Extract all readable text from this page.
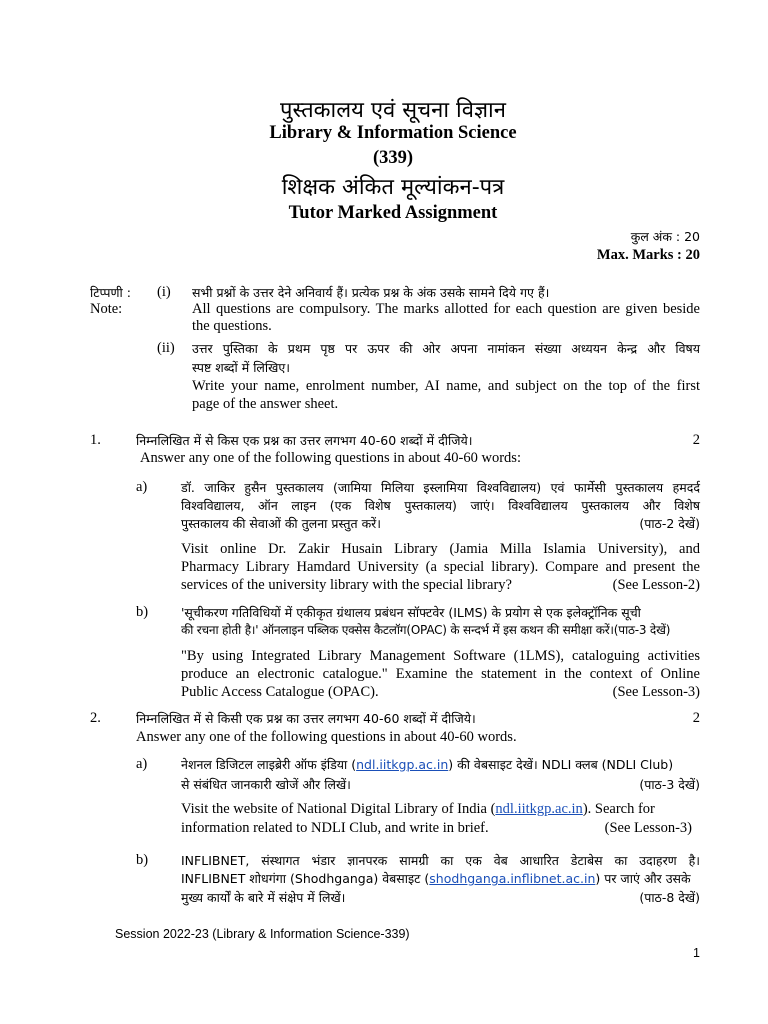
पुस्तकालय एवं सूचना विज्ञान
Library & Information Science
(339)
शिक्षक अंकित मूल्यांकन-पत्र
Tutor Marked Assignment
कुल अंक : 20
Max. Marks : 20
टिप्पणी :
Note:
(i) सभी प्रश्नों के उत्तर देने अनिवार्य हैं। प्रत्येक प्रश्न के अंक उसके सामने दिये गए हैं।
All questions are compulsory. The marks allotted for each question are given beside
the questions.
(ii) उत्तर पुस्तिका के प्रथम पृष्ठ पर ऊपर की ओर अपना नामांकन संख्या अध्ययन केन्द्र और विषय
स्पष्ट शब्दों में लिखिए।
Write your name, enrolment number, AI name, and subject on the top of the first
page of the answer sheet.
1.	निम्नलिखित में से किस एक प्रश्न का उत्तर लगभग 40-60 शब्दों में दीजिये।	2
Answer any one of the following questions in about 40-60 words:
a)	डॉ. जाकिर हुसैन पुस्तकालय (जामिया मिलिया इस्लामिया विश्वविद्यालय) एवं फार्मेसी पुस्तकालय हमदर्द
विश्वविद्यालय, ऑन लाइन (एक विशेष पुस्तकालय) जाएं। विश्वविद्यालय पुस्तकालय और विशेष
पुस्तकालय की सेवाओं की तुलना प्रस्तुत करें।	(पाठ-2 देखें)
Visit online Dr. Zakir Husain Library (Jamia Milla Islamia University), and
Pharmacy Library Hamdard University (a special library). Compare and present the
services of the university library with the special library?	(See Lesson-2)
b)	'सूचीकरण गतिविधियों में एकीकृत ग्रंथालय प्रबंधन सॉफ्टवेर (ILMS) के प्रयोग से एक इलेक्ट्रॉनिक सूची
की रचना होती है।' ऑनलाइन पब्लिक एक्सेस कैटलॉग(OPAC) के सन्दर्भ में इस कथन की समीक्षा करें।(पाठ-3 देखें)
"By using Integrated Library Management Software (1LMS), cataloguing activities
produce an electronic catalogue." Examine the statement in the context of Online
Public Access Catalogue (OPAC).	(See Lesson-3)
2.	निम्नलिखित में से किसी एक प्रश्न का उत्तर लगभग 40-60 शब्दों में दीजिये।	2
Answer any one of the following questions in about 40-60 words.
a)	नेशनल डिजिटल लाइब्रेरी ऑफ इंडिया (ndl.iitkgp.ac.in) की वेबसाइट देखें। NDLI क्लब (NDLI Club)
से संबंधित जानकारी खोजें और लिखें।	(पाठ-3 देखें)
Visit the website of National Digital Library of India (ndl.iitkgp.ac.in). Search for
information related to NDLI Club, and write in brief.	(See Lesson-3)
b)	INFLIBNET, संस्थागत भंडार ज्ञानपरक सामग्री का एक वेब आधारित डेटाबेस का उदाहरण है।
INFLIBNET शोधगंगा (Shodhganga) वेबसाइट (shodhganga.inflibnet.ac.in) पर जाएं और उसके
मुख्य कार्यों के बारे में संक्षेप में लिखें।	(पाठ-8 देखें)
Session 2022-23 (Library & Information Science-339)
1
